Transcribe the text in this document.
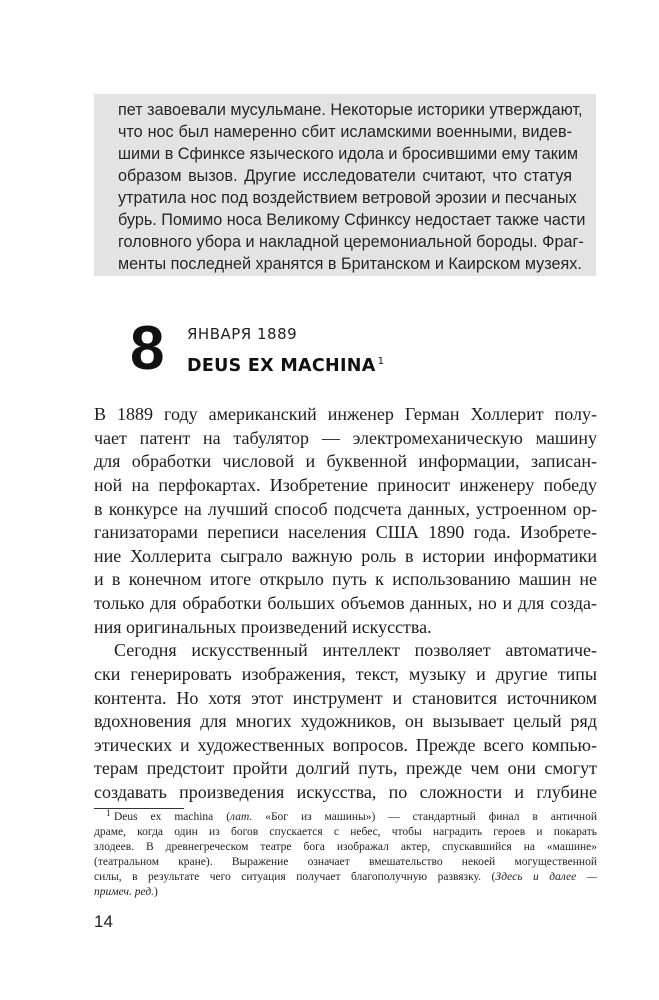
пет завоевали мусульмане. Некоторые историки утверждают,
что нос был намеренно сбит исламскими военными, видев-
шими в Сфинксе языческого идола и бросившими ему таким
образом вызов. Другие исследователи считают, что статуя
утратила нос под воздействием ветровой эрозии и песчаных
бурь. Помимо носа Великому Сфинксу недостает также части
головного убора и накладной церемониальной бороды. Фраг-
менты последней хранятся в Британском и Каирском музеях.
8	ЯНВАРЯ 1889
DEUS EX MACHINA $^1$
В 1889 году американский инженер Герман Холлерит полу-
чает патент на табулятор — электромеханическую машину
для обработки числовой и буквенной информации, записан-
ной на перфокартах. Изобретение приносит инженеру победу
в конкурсе на лучший способ подсчета данных, устроенном ор-
ганизаторами переписи населения США 1890 года. Изобрете-
ние Холлерита сыграло важную роль в истории информатики
и в конечном итоге открыло путь к использованию машин не
только для обработки больших объемов данных, но и для созда-
ния оригинальных произведений искусства.
Сегодня искусственный интеллект позволяет автоматиче-
ски генерировать изображения, текст, музыку и другие типы
контента. Но хотя этот инструмент и становится источником
вдохновения для многих художников, он вызывает целый ряд
1 Deus ex machina (лат. «Бог из машины») — стандартный финал в античной
драме, когда один из богов спускается с небес, чтобы наградить героев и покарать
злодеев. В древнегреческом театре бога изображал актер, спускавшийся на «машине»
(театральном кране). Выражение означает вмешательство некоей могущественной
силы, в результате чего ситуация получает благополучную развязку. (Здесь и далее —
примеч. ред.)
14
этических и художественных вопросов. Прежде всего компью-
терам предстоит пройти долгий путь, прежде чем они смогут
создавать произведения искусства, по сложности и глубине
